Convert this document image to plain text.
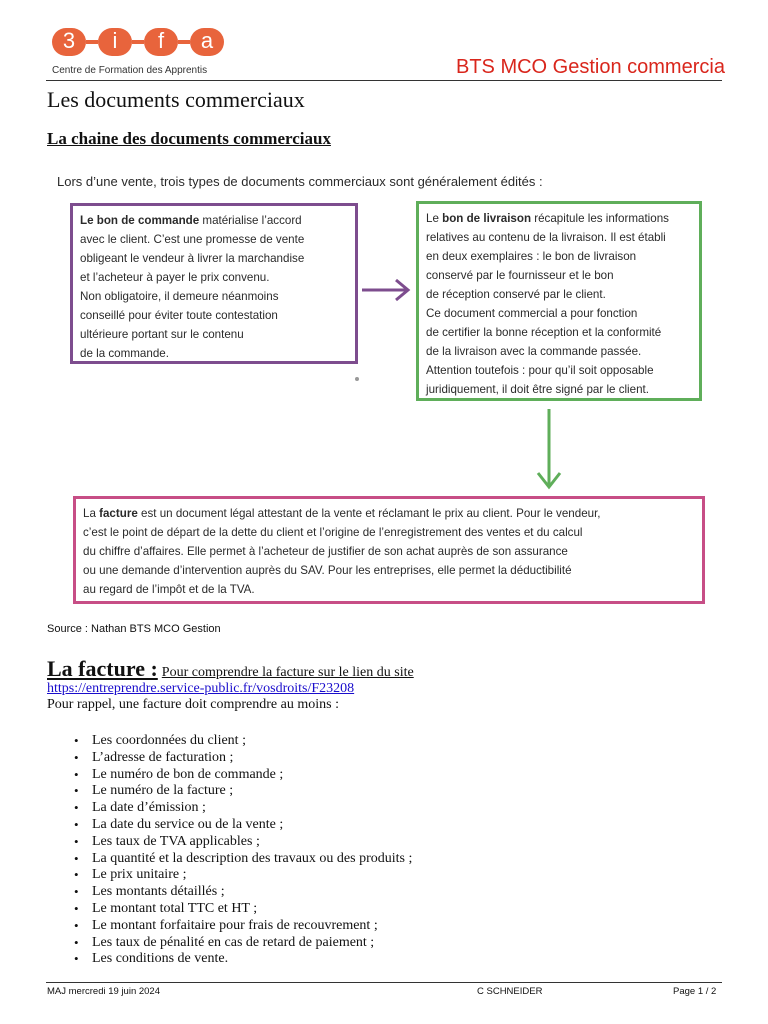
3	i	f	a
Centre de Formation des Apprentis	BTS MCO Gestion commercia
Les documents commerciaux
La chaine des documents commerciaux
Lors d’une vente, trois types de documents commerciaux sont généralement édités :

Le bon de commande matérialise l’accord

avec le client. C’est une promesse de vente

obligeant le vendeur à livrer la marchandise

et l’acheteur à payer le prix convenu.

Non obligatoire, il demeure néanmoins

conseillé pour éviter toute contestation

ultérieure portant sur le contenu

de la commande.

Le bon de livraison récapitule les informations

relatives au contenu de la livraison. Il est établi

en deux exemplaires : le bon de livraison

conservé par le fournisseur et le bon

de réception conservé par le client.

Ce document commercial a pour fonction

de certifier la bonne réception et la conformité

de la livraison avec la commande passée.

Attention toutefois : pour qu’il soit opposable

juridiquement, il doit être signé par le client.

La facture est un document légal attestant de la vente et réclamant le prix au client. Pour le vendeur,

c’est le point de départ de la dette du client et l’origine de l’enregistrement des ventes et du calcul

du chiffre d’affaires. Elle permet à l’acheteur de justifier de son achat auprès de son assurance

ou une demande d’intervention auprès du SAV. Pour les entreprises, elle permet la déductibilité

au regard de l’impôt et de la TVA.

Source : Nathan BTS MCO Gestion
La facture : Pour comprendre la facture sur le lien du site
https://entreprendre.service-public.fr/vosdroits/F23208
Pour rappel, une facture doit comprendre au moins :
• Les coordonnées du client ;
• L’adresse de facturation ;
• Le numéro de bon de commande ;
• Le numéro de la facture ;
• La date d’émission ;
• La date du service ou de la vente ;
• Les taux de TVA applicables ;
• La quantité et la description des travaux ou des produits ;
• Le prix unitaire ;
• Les montants détaillés ;
• Le montant total TTC et HT ;
• Le montant forfaitaire pour frais de recouvrement ;
• Les taux de pénalité en cas de retard de paiement ;
• Les conditions de vente.
MAJ mercredi 19 juin 2024	C SCHNEIDER	Page 1 / 2
